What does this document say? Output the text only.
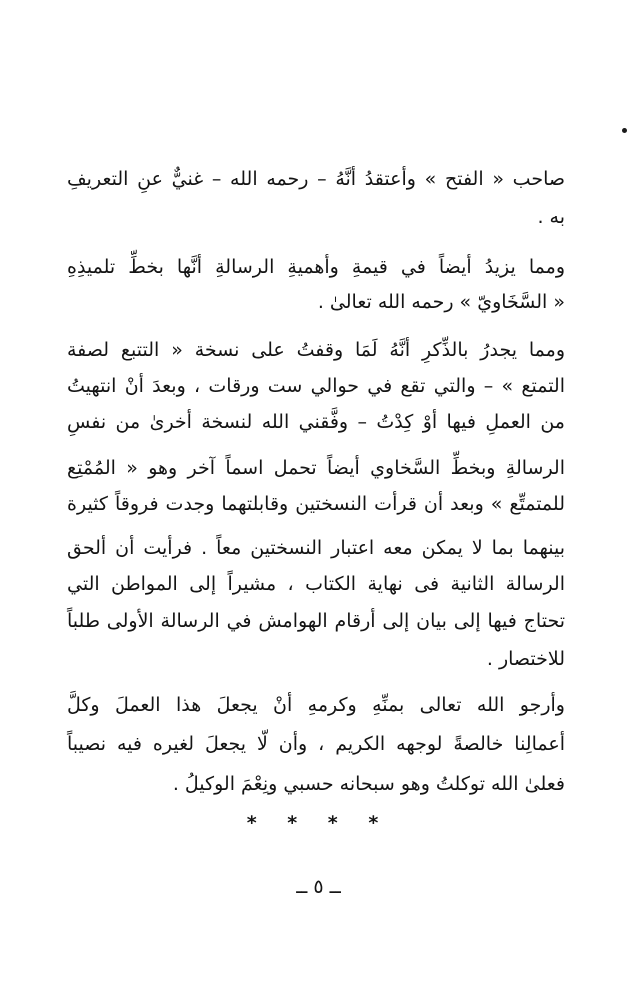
صاحب « الفتح » وأعتقدُ أنَّهُ – رحمه الله – غنيٌّ عنِ التعريفِ
به .
ومما يزيدُ أيضاً في قيمةِ وأهميةِ الرسالةِ أنَّها بخطِّ تلميذِهِ
« السَّخَاويّ » رحمه الله تعالىٰ .
ومما يجدرُ بالذِّكرِ أنَّهُ لَمَا وقفتُ على نسخة « التتبع لصفة
التمتع » – والتي تقع في حوالي ست ورقات ، وبعدَ أنْ انتهيتُ
من العملِ فيها أوْ كِدْتُ – وفَّقني الله لنسخة أخرىٰ من نفسِ
الرسالةِ وبخطِّ السَّخاوي أيضاً تحمل اسماً آخر وهو « المُمْتِع
للمتمتِّع » وبعد أن قرأت النسختين وقابلتهما وجدت فروقاً كثيرة
بينهما بما لا يمكن معه اعتبار النسختين معاً . فرأيت أن ألحق
الرسالة الثانية فى نهاية الكتاب ، مشيراً إلى المواطن التي
تحتاج فيها إلى بيان إلى أرقام الهوامش في الرسالة الأولى طلباً
للاختصار .
وأرجو الله تعالى بمنِّهِ وكرمهِ أنْ يجعلَ هذا العملَ وكلَّ
أعمالِنا خالصةً لوجهه الكريم ، وأن لّا يجعلَ لغيره فيه نصيباً
فعلىٰ الله توكلتُ وهو سبحانه حسبي ونِعْمَ الوكيلُ .
* * * *
ــ ٥ ــ
